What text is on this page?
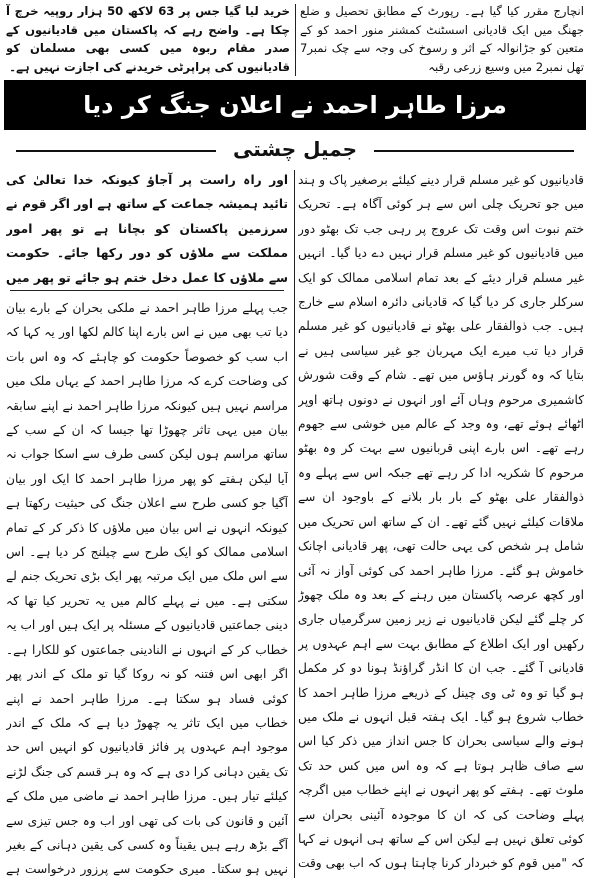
انچارج مقرر کیا گیا ہے۔ رپورٹ کے مطابق تحصیل و ضلع جھنگ میں ایک قادیانی اسسٹنٹ کمشنر منور احمد کو کے متعین کو جڑانوالہ کے اثر و رسوخ کی وجہ سے چک نمبر7 تھل نمبر2 میں وسیع زرعی رقبہ

خرید لیا گیا جس پر 63 لاکھ 50 ہزار روپیہ خرچ آ چکا ہے۔ واضح رہے کہ پاکستان میں قادیانیوں کے صدر مقام ربوہ میں کسی بھی مسلمان کو قادیانیوں کی پراپرٹی خریدنے کی اجازت نہیں ہے۔

مرزا طاہر احمد نے اعلان جنگ کر دیا
جمیل چشتی

قادیانیوں کو غیر مسلم قرار دینے کیلئے برصغیر پاک و ہند میں جو تحریک چلی اس سے ہر کوئی آگاہ ہے۔ تحریک ختم نبوت اس وقت تک عروج پر رہی جب تک بھٹو دور میں قادیانیوں کو غیر مسلم قرار نہیں دے دیا گیا۔ انہیں غیر مسلم قرار دیئے کے بعد تمام اسلامی ممالک کو ایک سرکلر جاری کر دیا گیا کہ قادیانی دائرہ اسلام سے خارج ہیں۔ جب ذوالفقار علی بھٹو نے قادیانیوں کو غیر مسلم قرار دیا تب میرے ایک مہربان جو غیر سیاسی ہیں نے بتایا کہ وہ گورنر ہاؤس میں تھے۔ شام کے وقت شورش کاشمیری مرحوم وہاں آئے اور انہوں نے دونوں ہاتھ اوپر اٹھائے ہوئے تھے، وہ وجد کے عالم میں خوشی سے جھوم رہے تھے۔ اس بارے اپنی قربانیوں سے بہت کر وہ بھٹو مرحوم کا شکریہ ادا کر رہے تھے جبکہ اس سے پہلے وہ ذوالفقار علی بھٹو کے بار بار بلانے کے باوجود ان سے ملاقات کیلئے نہیں گئے تھے۔ ان کے ساتھ اس تحریک میں شامل ہر شخص کی یہی حالت تھی، پھر قادیانی اچانک خاموش ہو گئے۔ مرزا طاہر احمد کی کوئی آواز نہ آئی اور کچھ عرصہ پاکستان میں رہنے کے بعد وہ ملک چھوڑ کر چلے گئے لیکن قادیانیوں نے زیر زمین سرگرمیاں جاری رکھیں اور ایک اطلاع کے مطابق بہت سے اہم عہدوں پر قادیانی آ گئے۔ جب ان کا انڈر گراؤنڈ ہونا دو کر مکمل ہو گیا تو وہ ٹی وی چینل کے ذریعے مرزا طاہر احمد کا خطاب شروع ہو گیا۔ ایک ہفتہ قبل انہوں نے ملک میں ہونے والے سیاسی بحران کا جس انداز میں ذکر کیا اس سے صاف ظاہر ہوتا ہے کہ وہ اس میں کس حد تک ملوث تھے۔ ہفتے کو پھر انہوں نے اپنے خطاب میں اگرچہ پہلے وضاحت کی کہ ان کا موجودہ آئینی بحران سے کوئی تعلق نہیں ہے لیکن اس کے ساتھ ہی انہوں نے کہا کہ "میں قوم کو خبردار کرنا چاہتا ہوں کہ اب بھی وقت

اور راہ راست پر آجاؤ کیونکہ خدا تعالیٰ کی تائید ہمیشہ جماعت کے ساتھ ہے اور اگر قوم نے سرزمین پاکستان کو بچانا ہے تو پھر امور مملکت سے ملاؤں کو دور رکھا جائے۔ حکومت سے ملاؤں کا عمل دخل ختم ہو جائے تو پھر میں

جب پہلے مرزا طاہر احمد نے ملکی بحران کے بارے بیان دیا تب بھی میں نے اس بارے اپنا کالم لکھا اور یہ کہا کہ اب سب کو خصوصاً حکومت کو چاہئے کہ وہ اس بات کی وضاحت کرے کہ مرزا طاہر احمد کے یہاں ملک میں مراسم نہیں ہیں کیونکہ مرزا طاہر احمد نے اپنے سابقہ بیان میں یہی تاثر چھوڑا تھا جیسا کہ ان کے سب کے ساتھ مراسم ہوں لیکن کسی طرف سے اسکا جواب نہ آیا لیکن ہفتے کو پھر مرزا طاہر احمد کا ایک اور بیان آگیا جو کسی طرح سے اعلان جنگ کی حیثیت رکھتا ہے کیونکہ انہوں نے اس بیان میں ملاؤں کا ذکر کر کے تمام اسلامی ممالک کو ایک طرح سے چیلنج کر دیا ہے۔ اس سے اس ملک میں ایک مرتبہ پھر ایک بڑی تحریک جنم لے سکتی ہے۔ میں نے پہلے کالم میں یہ تحریر کیا تھا کہ دینی جماعتیں قادیانیوں کے مسئلہ پر ایک ہیں اور اب یہ خطاب کر کے انہوں نے النادینی جماعتوں کو للکارا ہے۔ اگر ابھی اس فتنہ کو نہ روکا گیا تو ملک کے اندر پھر کوئی فساد ہو سکتا ہے۔ مرزا طاہر احمد نے اپنے خطاب میں ایک تاثر یہ چھوڑ دیا ہے کہ ملک کے اندر موجود اہم عہدوں پر فائز قادیانیوں کو انہیں اس حد تک یقین دہانی کرا دی ہے کہ وہ ہر قسم کی جنگ لڑنے کیلئے تیار ہیں۔ مرزا طاہر احمد نے ماضی میں ملک کے آئین و قانون کی بات کی تھی اور اب وہ جس تیزی سے آگے بڑھ رہے ہیں یقیناً وہ کسی کی یقین دہانی کے بغیر نہیں ہو سکتا۔ میری حکومت سے پرزور درخواست ہے
